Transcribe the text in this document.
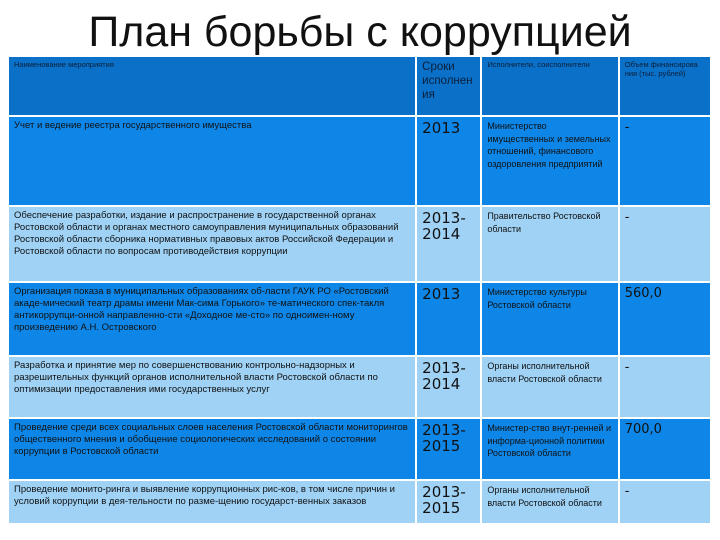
План борьбы с коррупцией
Наименование мероприятия	Сроки исполнен ия	Исполнители, соисполнители	Объем финансирова ния (тыс. рублей)
Учет и ведение реестра государственного имущества	2013	Министерство имущественных и земельных отношений, финансового оздоровления предприятий	-
Обеспечение разработки, издание и распространение в государственной органах Ростовской области и органах местного самоуправления муниципальных образований Ростовской области сборника нормативных правовых актов Российской Федерации и Ростовской области по вопросам противодействия коррупции	2013-2014	Правительство Ростовской области	-
Организация показа в муниципальных образованиях об-ласти ГАУК РО «Ростовский акаде-мический театр драмы имени Мак-сима Горького» те-матического спек-такля антикоррупци-онной направленно-сти «Доходное ме-сто» по одноимен-ному произведению А.Н. Островского	2013	Министерство культуры Ростовской области	560,0
Разработка и принятие мер по совершенствованию контрольно-надзорных и разрешительных функций органов исполнительной власти Ростовской области по оптимизации предоставления ими государственных услуг	2013-2014	Органы исполнительной власти Ростовской области	-
Проведение среди всех социальных слоев населения Ростовской области мониторингов общественного мнения и обобщение социологических исследований о состоянии коррупции в Ростовской области	2013-2015	Министер-ство внут-ренней и информа-ционной политики Ростовской области	700,0
Проведение монито-ринга и выявление коррупционных рис-ков, в том числе причин и условий коррупции в дея-тельности по разме-щению государст-венных заказов	2013-2015	Органы исполнительной власти Ростовской области	-
